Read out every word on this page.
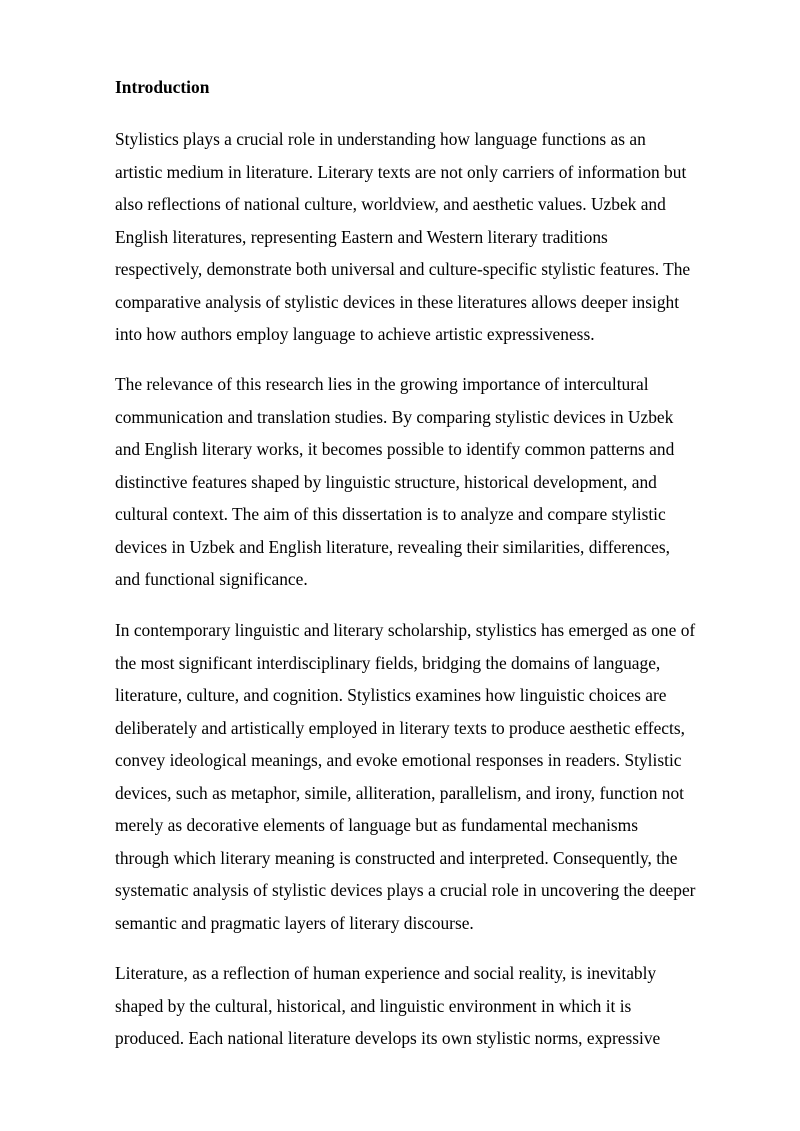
Introduction

Stylistics plays a crucial role in understanding how language functions as an
artistic medium in literature. Literary texts are not only carriers of information but
also reflections of national culture, worldview, and aesthetic values. Uzbek and
English literatures, representing Eastern and Western literary traditions
respectively, demonstrate both universal and culture-specific stylistic features. The
comparative analysis of stylistic devices in these literatures allows deeper insight
into how authors employ language to achieve artistic expressiveness.

The relevance of this research lies in the growing importance of intercultural
communication and translation studies. By comparing stylistic devices in Uzbek
and English literary works, it becomes possible to identify common patterns and
distinctive features shaped by linguistic structure, historical development, and
cultural context. The aim of this dissertation is to analyze and compare stylistic
devices in Uzbek and English literature, revealing their similarities, differences,
and functional significance.

In contemporary linguistic and literary scholarship, stylistics has emerged as one of
the most significant interdisciplinary fields, bridging the domains of language,
literature, culture, and cognition. Stylistics examines how linguistic choices are
deliberately and artistically employed in literary texts to produce aesthetic effects,
convey ideological meanings, and evoke emotional responses in readers. Stylistic
devices, such as metaphor, simile, alliteration, parallelism, and irony, function not
merely as decorative elements of language but as fundamental mechanisms
through which literary meaning is constructed and interpreted. Consequently, the
systematic analysis of stylistic devices plays a crucial role in uncovering the deeper
semantic and pragmatic layers of literary discourse.

Literature, as a reflection of human experience and social reality, is inevitably
shaped by the cultural, historical, and linguistic environment in which it is
produced. Each national literature develops its own stylistic norms, expressive
